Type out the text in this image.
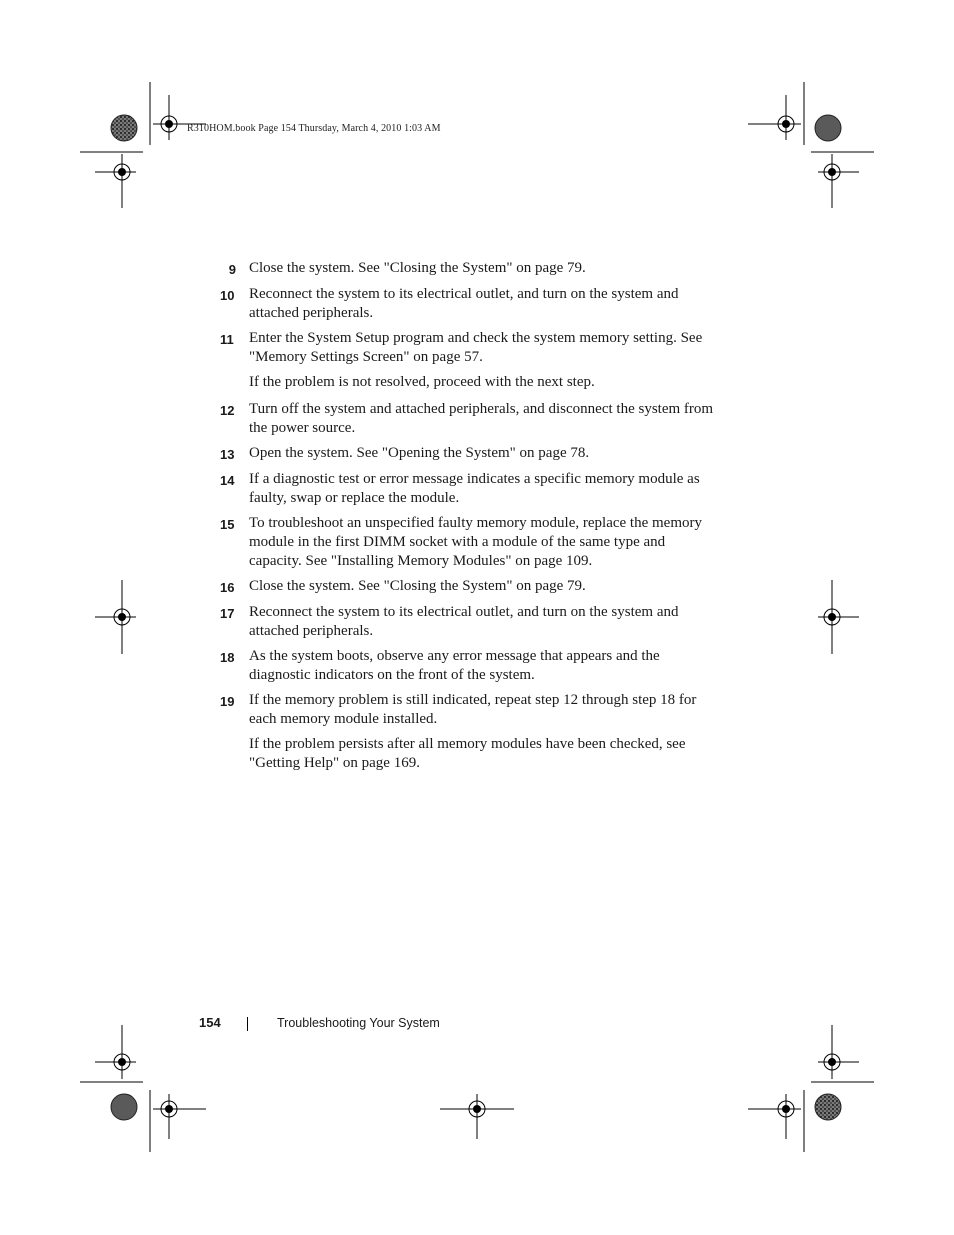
R310HOM.book Page 154 Thursday, March 4, 2010 1:03 AM
9 Close the system. See "Closing the System" on page 79.
10 Reconnect the system to its electrical outlet, and turn on the system and attached peripherals.
11	Enter the System Setup program and check the system memory setting. See "Memory Settings Screen" on page 57.
If the problem is not resolved, proceed with the next step.
12 Turn off the system and attached peripherals, and disconnect the system from the power source.
13 Open the system. See "Opening the System" on page 78.
14 If a diagnostic test or error message indicates a specific memory module as faulty, swap or replace the module.
15 To troubleshoot an unspecified faulty memory module, replace the memory module in the first DIMM socket with a module of the same type and capacity. See "Installing Memory Modules" on page 109.
16 Close the system. See "Closing the System" on page 79.
17 Reconnect the system to its electrical outlet, and turn on the system and attached peripherals.
18 As the system boots, observe any error message that appears and the diagnostic indicators on the front of the system.
19 If the memory problem is still indicated, repeat step 12 through step 18 for each memory module installed.
If the problem persists after all memory modules have been checked, see "Getting Help" on page 169.
154	Troubleshooting Your System
